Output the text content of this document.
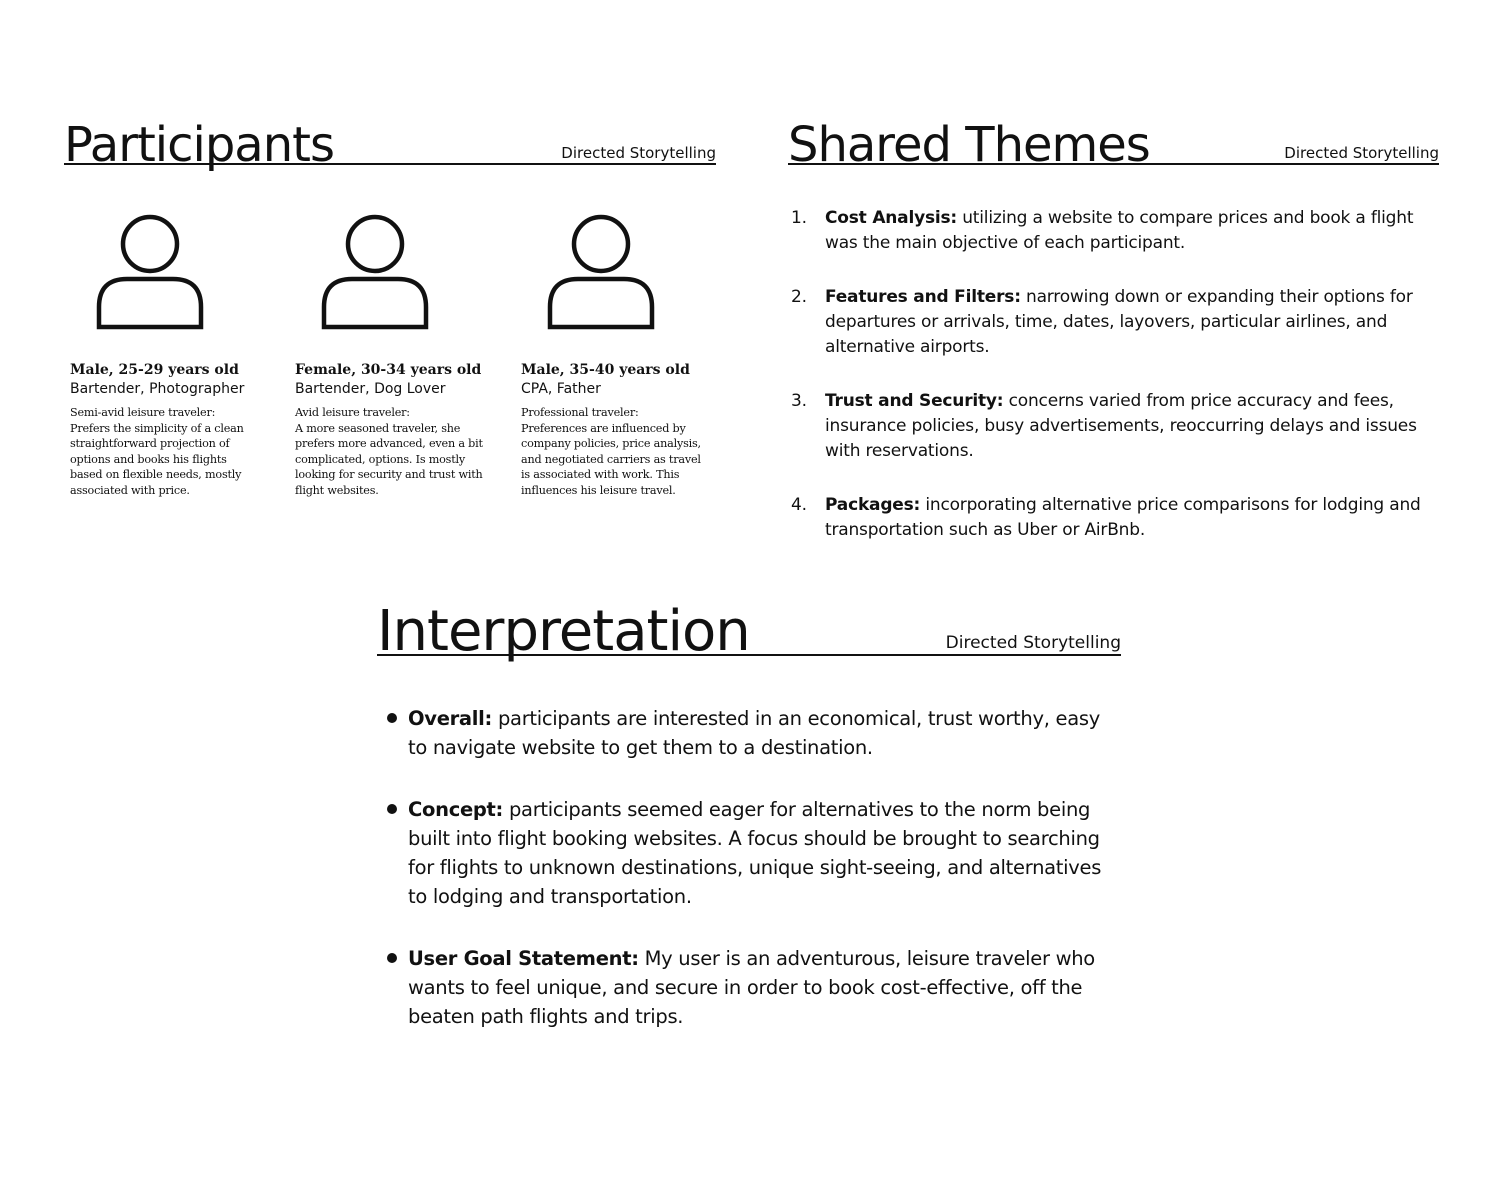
Participants	Directed Storytelling
Male, 25-29 years old
Bartender, Photographer
Semi-avid leisure traveler:
Prefers the simplicity of a clean
straightforward projection of
options and books his flights
based on flexible needs, mostly
associated with price.
Female, 30-34 years old
Bartender, Dog Lover
Avid leisure traveler:
A more seasoned traveler, she
prefers more advanced, even a bit
complicated, options. Is mostly
looking for security and trust with
flight websites.
Male, 35-40 years old
CPA, Father
Professional traveler:
Preferences are influenced by
company policies, price analysis,
and negotiated carriers as travel
is associated with work. This
influences his leisure travel.
Shared Themes	Directed Storytelling
1. Cost Analysis: utilizing a website to compare prices and book a flight was the main objective of each participant.
2. Features and Filters: narrowing down or expanding their options for departures or arrivals, time, dates, layovers, particular airlines, and alternative airports.
3. Trust and Security: concerns varied from price accuracy and fees, insurance policies, busy advertisements, reoccurring delays and issues with reservations.
4. Packages: incorporating alternative price comparisons for lodging and transportation such as Uber or AirBnb.
Interpretation	Directed Storytelling
Overall: participants are interested in an economical, trust worthy, easy to navigate website to get them to a destination.
Concept: participants seemed eager for alternatives to the norm being built into flight booking websites. A focus should be brought to searching for flights to unknown destinations, unique sight-seeing, and alternatives to lodging and transportation.
User Goal Statement: My user is an adventurous, leisure traveler who wants to feel unique, and secure in order to book cost-effective, off the beaten path flights and trips.
